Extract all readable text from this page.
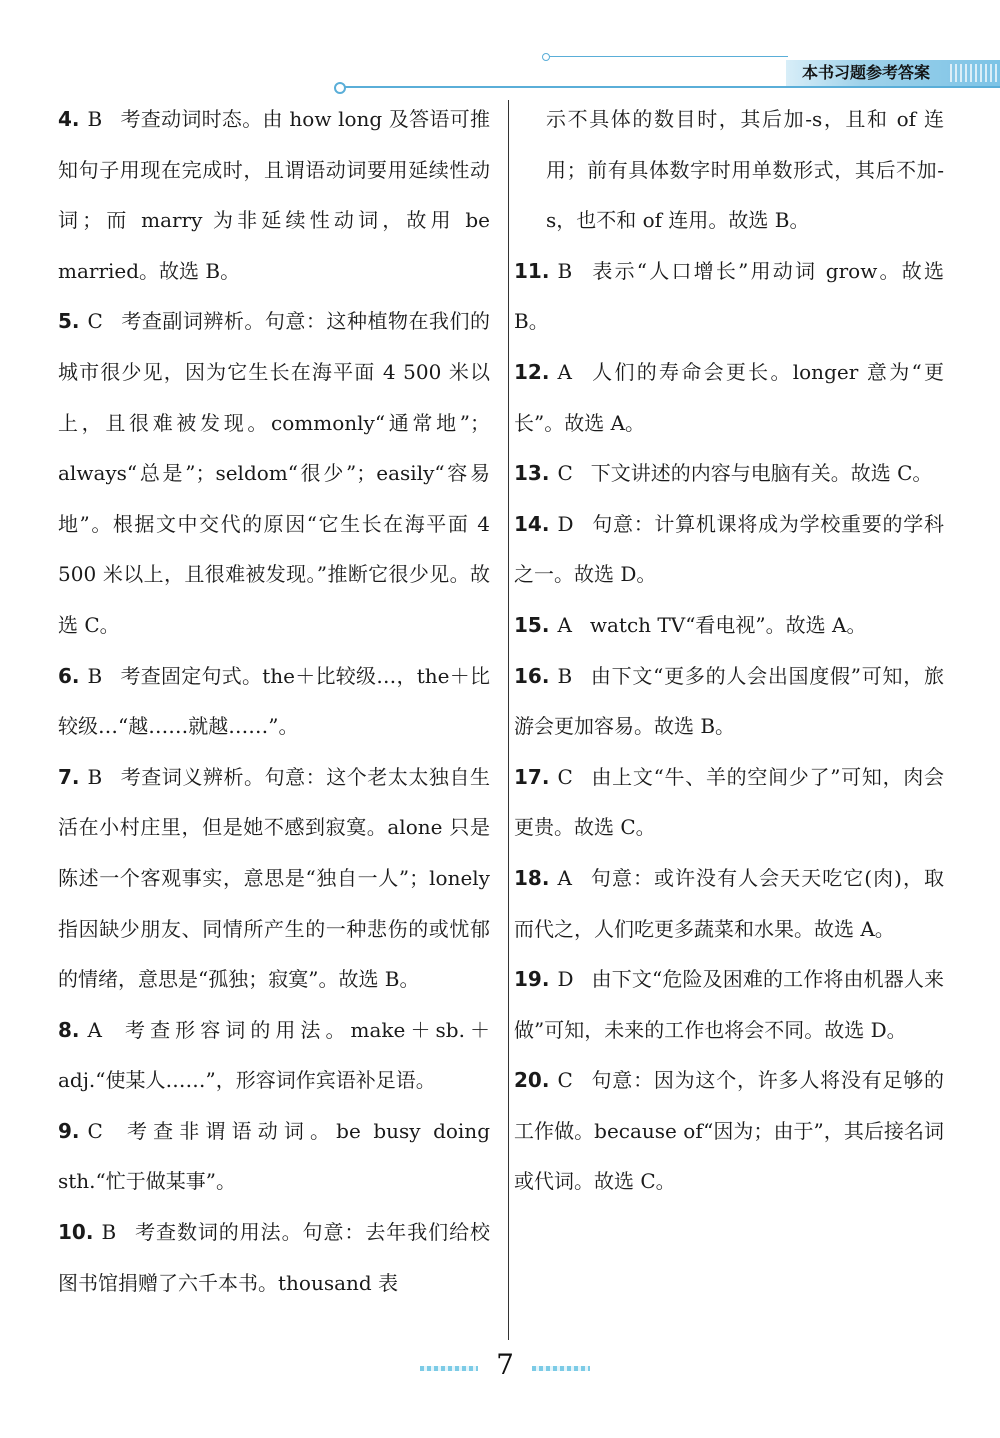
本书习题参考答案

4. B 考查动词时态。由 how long 及答语可推知句子用现在完成时，且谓语动词要用延续性动词；而 marry 为非延续性动词，故用 be married。故选 B。

5. C 考查副词辨析。句意：这种植物在我们的城市很少见，因为它生长在海平面 4 500 米以上，且很难被发现。commonly“通常地”；always“总是”；seldom“很少”；easily“容易地”。根据文中交代的原因“它生长在海平面 4 500 米以上，且很难被发现。”推断它很少见。故选 C。

6. B 考查固定句式。the＋比较级…，the＋比较级…“越……就越……”。

7. B 考查词义辨析。句意：这个老太太独自生活在小村庄里，但是她不感到寂寞。alone 只是陈述一个客观事实，意思是“独自一人”；lonely 指因缺少朋友、同情所产生的一种悲伤的或忧郁的情绪，意思是“孤独；寂寞”。故选 B。

8. A 考查形容词的用法。make＋sb.＋adj.“使某人……”，形容词作宾语补足语。

9. C 考查非谓语动词。be busy doing sth.“忙于做某事”。

10. B 考查数词的用法。句意：去年我们给校图书馆捐赠了六千本书。thousand 表

示不具体的数目时，其后加-s，且和 of 连用；前有具体数字时用单数形式，其后不加-s，也不和 of 连用。故选 B。

11. B 表示“人口增长”用动词 grow。故选 B。

12. A 人们的寿命会更长。longer 意为“更长”。故选 A。

13. C 下文讲述的内容与电脑有关。故选 C。

14. D 句意：计算机课将成为学校重要的学科之一。故选 D。

15. A watch TV“看电视”。故选 A。

16. B 由下文“更多的人会出国度假”可知，旅游会更加容易。故选 B。

17. C 由上文“牛、羊的空间少了”可知，肉会更贵。故选 C。

18. A 句意：或许没有人会天天吃它(肉)，取而代之，人们吃更多蔬菜和水果。故选 A。

19. D 由下文“危险及困难的工作将由机器人来做”可知，未来的工作也将会不同。故选 D。

20. C 句意：因为这个，许多人将没有足够的工作做。because of“因为；由于”，其后接名词或代词。故选 C。

7
